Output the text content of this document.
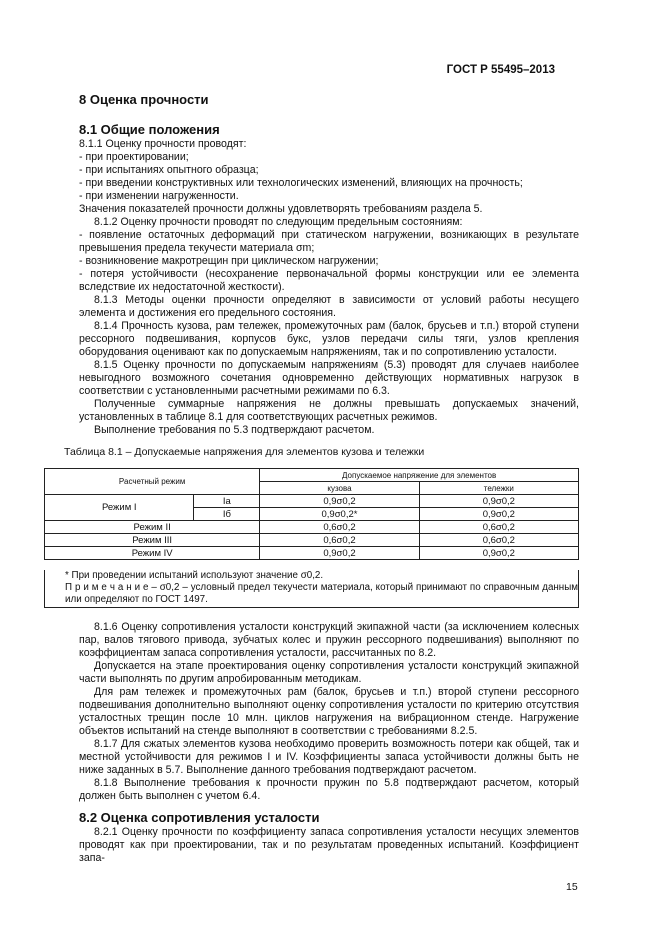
ГОСТ Р 55495–2013
8 Оценка прочности
8.1 Общие положения

8.1.1 Оценку прочности проводят:

- при проектировании;

- при испытаниях опытного образца;

- при введении конструктивных или технологических изменений, влияющих на прочность;

- при изменении нагруженности.

Значения показателей прочности должны удовлетворять требованиям раздела 5.

8.1.2 Оценку прочности проводят по следующим предельным состояниям:

- появление остаточных деформаций при статическом нагружении, возникающих в результате превышения предела текучести материала σm;

- возникновение макротрещин при циклическом нагружении;

- потеря устойчивости (несохранение первоначальной формы конструкции или ее элемента вследствие их недостаточной жесткости).

8.1.3 Методы оценки прочности определяют в зависимости от условий работы несущего элемента и достижения его предельного состояния.

8.1.4 Прочность кузова, рам тележек, промежуточных рам (балок, брусьев и т.п.) второй ступени рессорного подвешивания, корпусов букс, узлов передачи силы тяги, узлов крепления оборудования оценивают как по допускаемым напряжениям, так и по сопротивлению усталости.

8.1.5 Оценку прочности по допускаемым напряжениям (5.3) проводят для случаев наиболее невыгодного возможного сочетания одновременно действующих нормативных нагрузок в соответствии с установленными расчетными режимами по 6.3.

Полученные суммарные напряжения не должны превышать допускаемых значений, установленных в таблице 8.1 для соответствующих расчетных режимов.

Выполнение требования по 5.3 подтверждают расчетом.

Таблица 8.1 – Допускаемые напряжения для элементов кузова и тележки
Расчетный режим		Допускаемое напряжение для элементов	
		кузова	тележки
Режим I	Iа	0,9σ0,2	0,9σ0,2
	Iб	0,9σ0,2*	0,9σ0,2
Режим II		0,6σ0,2	0,6σ0,2
Режим III		0,6σ0,2	0,6σ0,2
Режим IV		0,9σ0,2	0,9σ0,2

* При проведении испытаний используют значение σ0,2.

П р и м е ч а н и е – σ0,2 – условный предел текучести материала, который принимают по справочным данным или определяют по ГОСТ 1497.

8.1.6 Оценку сопротивления усталости конструкций экипажной части (за исключением колесных пар, валов тягового привода, зубчатых колес и пружин рессорного подвешивания) выполняют по коэффициентам запаса сопротивления усталости, рассчитанных по 8.2.

Допускается на этапе проектирования оценку сопротивления усталости конструкций экипажной части выполнять по другим апробированным методикам.

Для рам тележек и промежуточных рам (балок, брусьев и т.п.) второй ступени рессорного подвешивания дополнительно выполняют оценку сопротивления усталости по критерию отсутствия усталостных трещин после 10 млн. циклов нагружения на вибрационном стенде. Нагружение объектов испытаний на стенде выполняют в соответствии с требованиями 8.2.5.

8.1.7 Для сжатых элементов кузова необходимо проверить возможность потери как общей, так и местной устойчивости для режимов I и IV. Коэффициенты запаса устойчивости должны быть не ниже заданных в 5.7. Выполнение данного требования подтверждают расчетом.

8.1.8 Выполнение требования к прочности пружин по 5.8 подтверждают расчетом, который должен быть выполнен с учетом 6.4.

8.2 Оценка сопротивления усталости

8.2.1 Оценку прочности по коэффициенту запаса сопротивления усталости несущих элементов проводят как при проектировании, так и по результатам проведенных испытаний. Коэффициент запа-

15
